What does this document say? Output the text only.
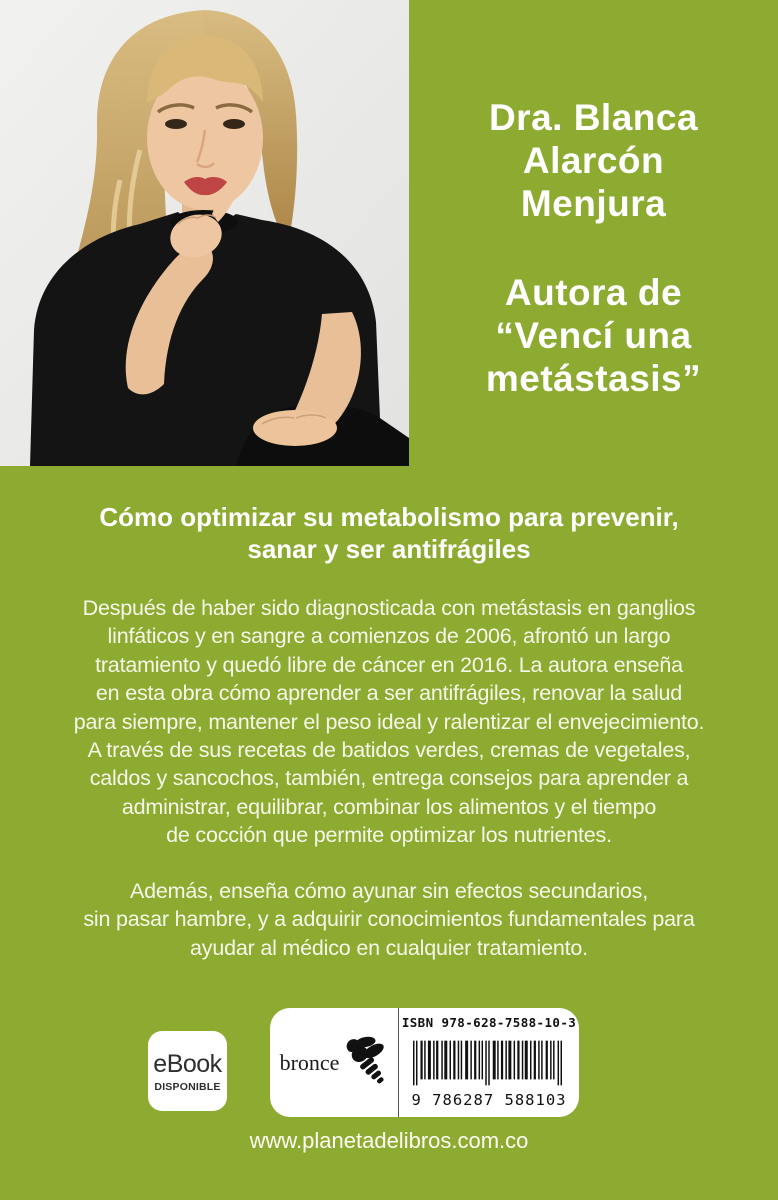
Dra. Blanca
Alarcón
Menjura
Autora de
“Vencí una
metástasis”
Cómo optimizar su metabolismo para prevenir,
sanar y ser antifrágiles
Después de haber sido diagnosticada con metástasis en ganglios
linfáticos y en sangre a comienzos de 2006, afrontó un largo
tratamiento y quedó libre de cáncer en 2016. La autora enseña
en esta obra cómo aprender a ser antifrágiles, renovar la salud
para siempre, mantener el peso ideal y ralentizar el envejecimiento.
A través de sus recetas de batidos verdes, cremas de vegetales,
caldos y sancochos, también, entrega consejos para aprender a
administrar, equilibrar, combinar los alimentos y el tiempo
de cocción que permite optimizar los nutrientes.
Además, enseña cómo ayunar sin efectos secundarios,
sin pasar hambre, y a adquirir conocimientos fundamentales para
ayudar al médico en cualquier tratamiento.
eBook
DISPONIBLE
bronce
ISBN 978-628-7588-10-3
9 786287 588103
www.planetadelibros.com.co
